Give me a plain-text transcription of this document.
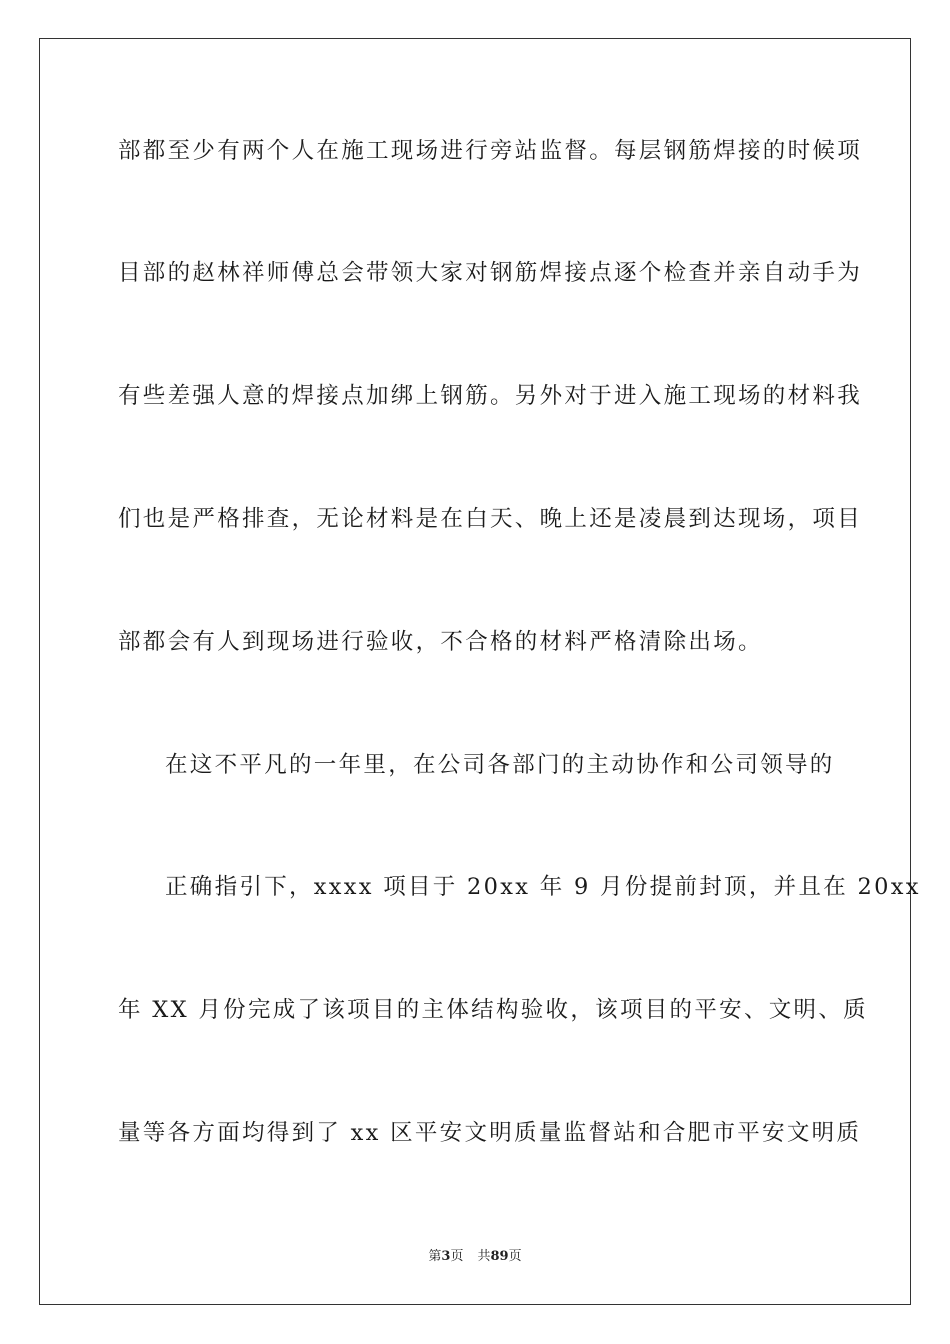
部都至少有两个人在施工现场进行旁站监督。每层钢筋焊接的时候项
目部的赵林祥师傅总会带领大家对钢筋焊接点逐个检查并亲自动手为
有些差强人意的焊接点加绑上钢筋。另外对于进入施工现场的材料我
们也是严格排查，无论材料是在白天、晚上还是凌晨到达现场，项目
部都会有人到现场进行验收，不合格的材料严格清除出场。
在这不平凡的一年里，在公司各部门的主动协作和公司领导的
正确指引下，xxxx 项目于 20xx 年 9 月份提前封顶，并且在 20xx
年 XX 月份完成了该项目的主体结构验收，该项目的平安、文明、质
量等各方面均得到了 xx 区平安文明质量监督站和合肥市平安文明质
第3页 共89页
